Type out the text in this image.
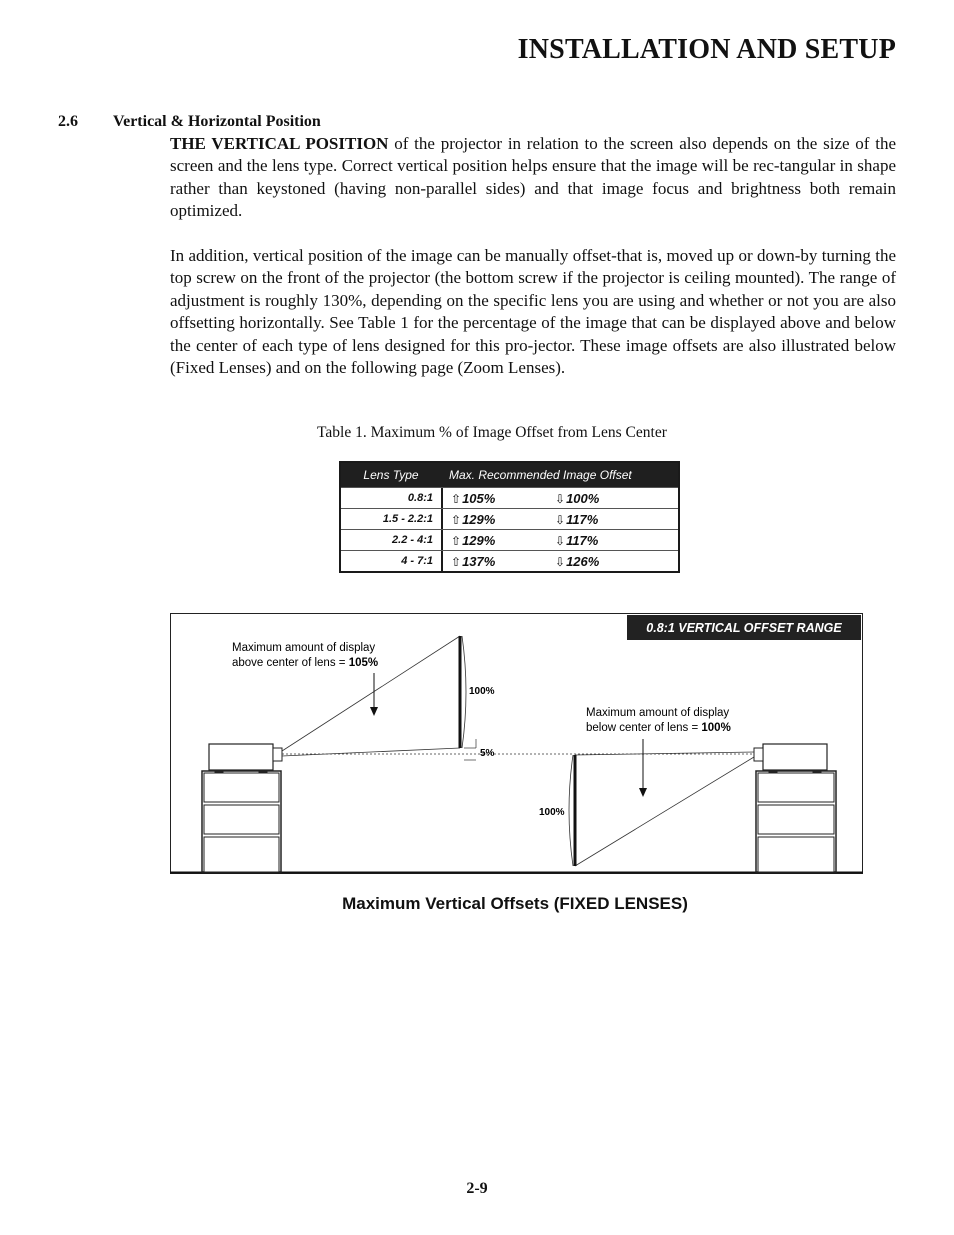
INSTALLATION AND SETUP
2.6 Vertical & Horizontal Position
THE VERTICAL POSITION of the projector in relation to the screen also depends on the size of the screen and the lens type. Correct vertical position helps ensure that the image will be rec-tangular in shape rather than keystoned (having non-parallel sides) and that image focus and brightness both remain optimized.
In addition, vertical position of the image can be manually offset-that is, moved up or down-by turning the top screw on the front of the projector (the bottom screw if the projector is ceiling mounted). The range of adjustment is roughly 130%, depending on the specific lens you are using and whether or not you are also offsetting horizontally. See Table 1 for the percentage of the image that can be displayed above and below the center of each type of lens designed for this pro-jector. These image offsets are also illustrated below (Fixed Lenses) and on the following page (Zoom Lenses).
Table 1. Maximum % of Image Offset from Lens Center
Lens Type	Max. Recommended Image Offset
0.8:1	⇧105%	⇩100%
1.5 - 2.2:1	⇧129%	⇩117%
2.2 - 4:1	⇧129%	⇩117%
4 - 7:1	⇧137%	⇩126%
0.8:1 VERTICAL OFFSET RANGE
100%
5%
Maximum amount of display
above center of lens = 105%
100%
Maximum amount of display
below center of lens = 100%
Maximum Vertical Offsets (FIXED LENSES)
2-9
